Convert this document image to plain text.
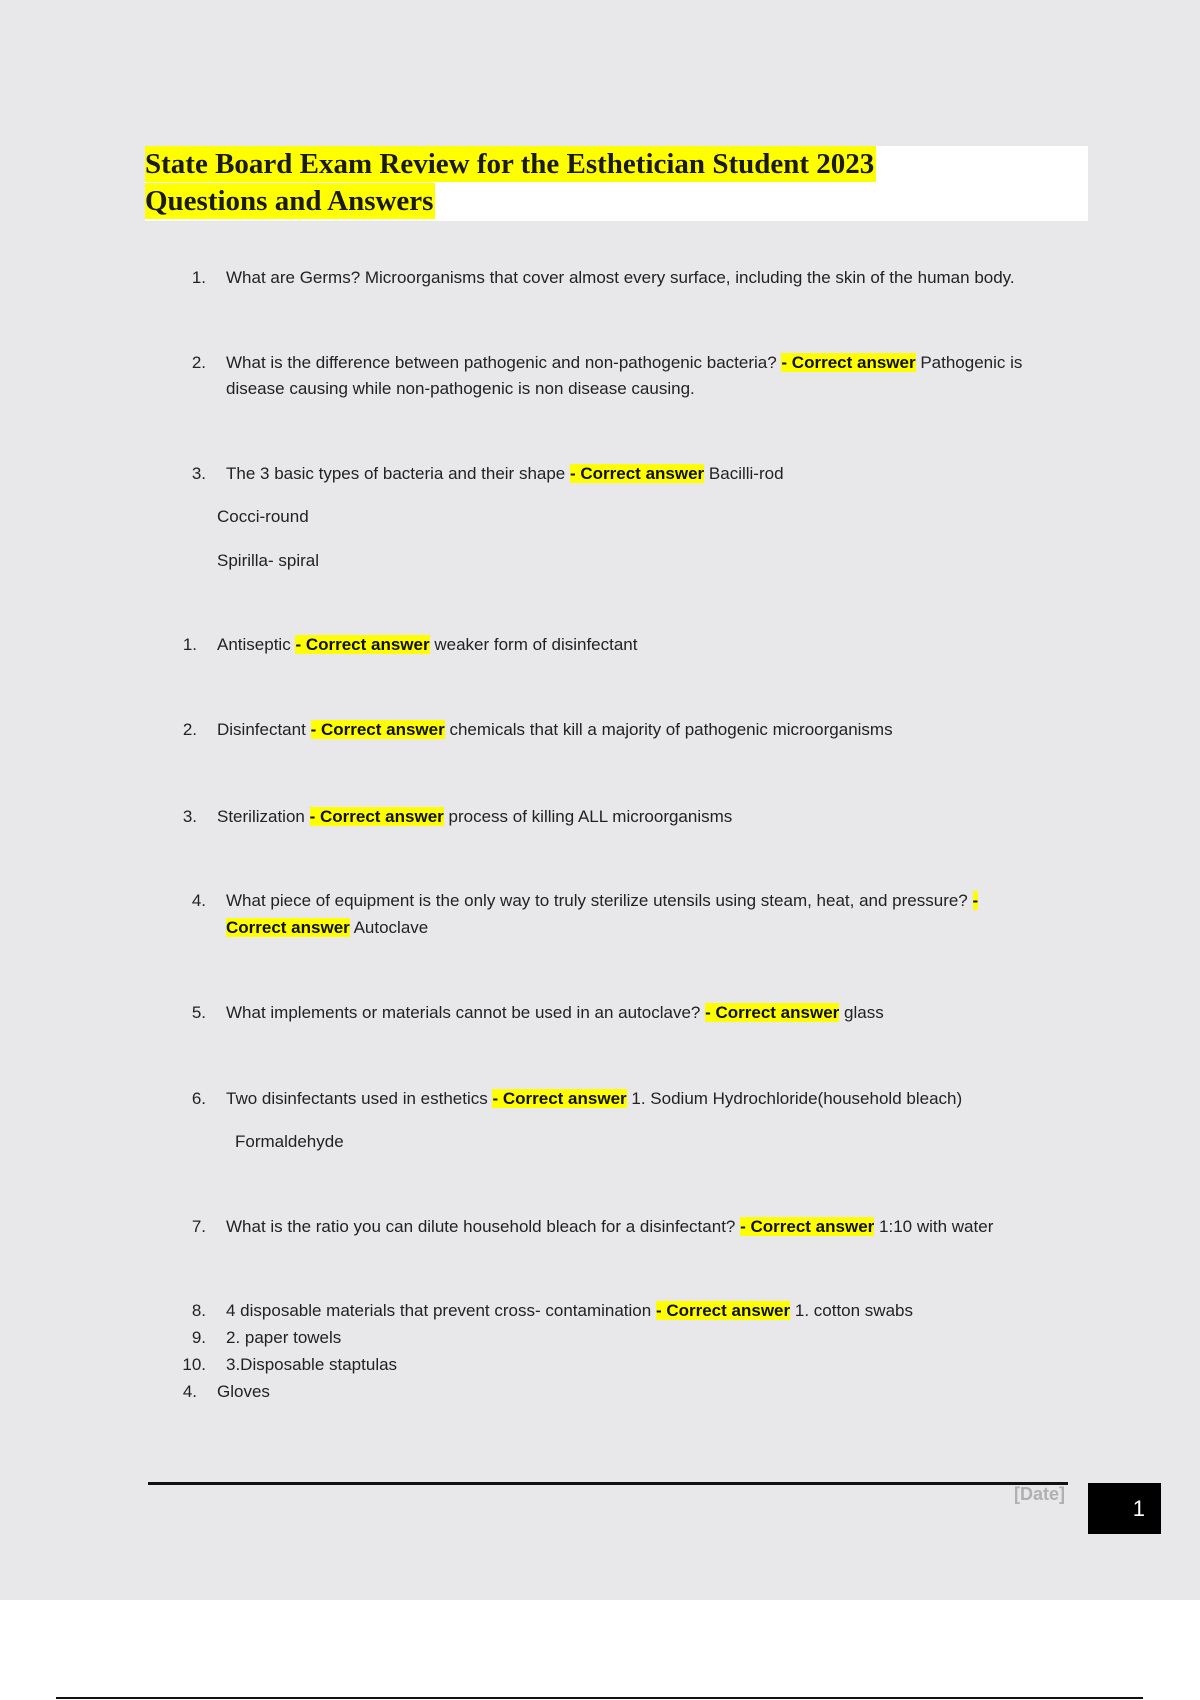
State Board Exam Review for the Esthetician Student 2023
Questions and Answers
1. What are Germs? Microorganisms that cover almost every surface, including the skin of the human body.
2. What is the difference between pathogenic and non-pathogenic bacteria? - Correct answer Pathogenic is
disease causing while non-pathogenic is non disease causing.
3. The 3 basic types of bacteria and their shape - Correct answer Bacilli-rod
Cocci-round
Spirilla- spiral
1. Antiseptic - Correct answer weaker form of disinfectant
2. Disinfectant - Correct answer chemicals that kill a majority of pathogenic microorganisms
3. Sterilization - Correct answer process of killing ALL microorganisms
4. What piece of equipment is the only way to truly sterilize utensils using steam, heat, and pressure? -
Correct answer Autoclave
5. What implements or materials cannot be used in an autoclave? - Correct answer glass
6. Two disinfectants used in esthetics - Correct answer 1. Sodium Hydrochloride(household bleach)
Formaldehyde
7. What is the ratio you can dilute household bleach for a disinfectant? - Correct answer 1:10 with water
8. 4 disposable materials that prevent cross- contamination - Correct answer 1. cotton swabs
9. 2. paper towels
10. 3.Disposable staptulas
4. Gloves
[Date]
1
